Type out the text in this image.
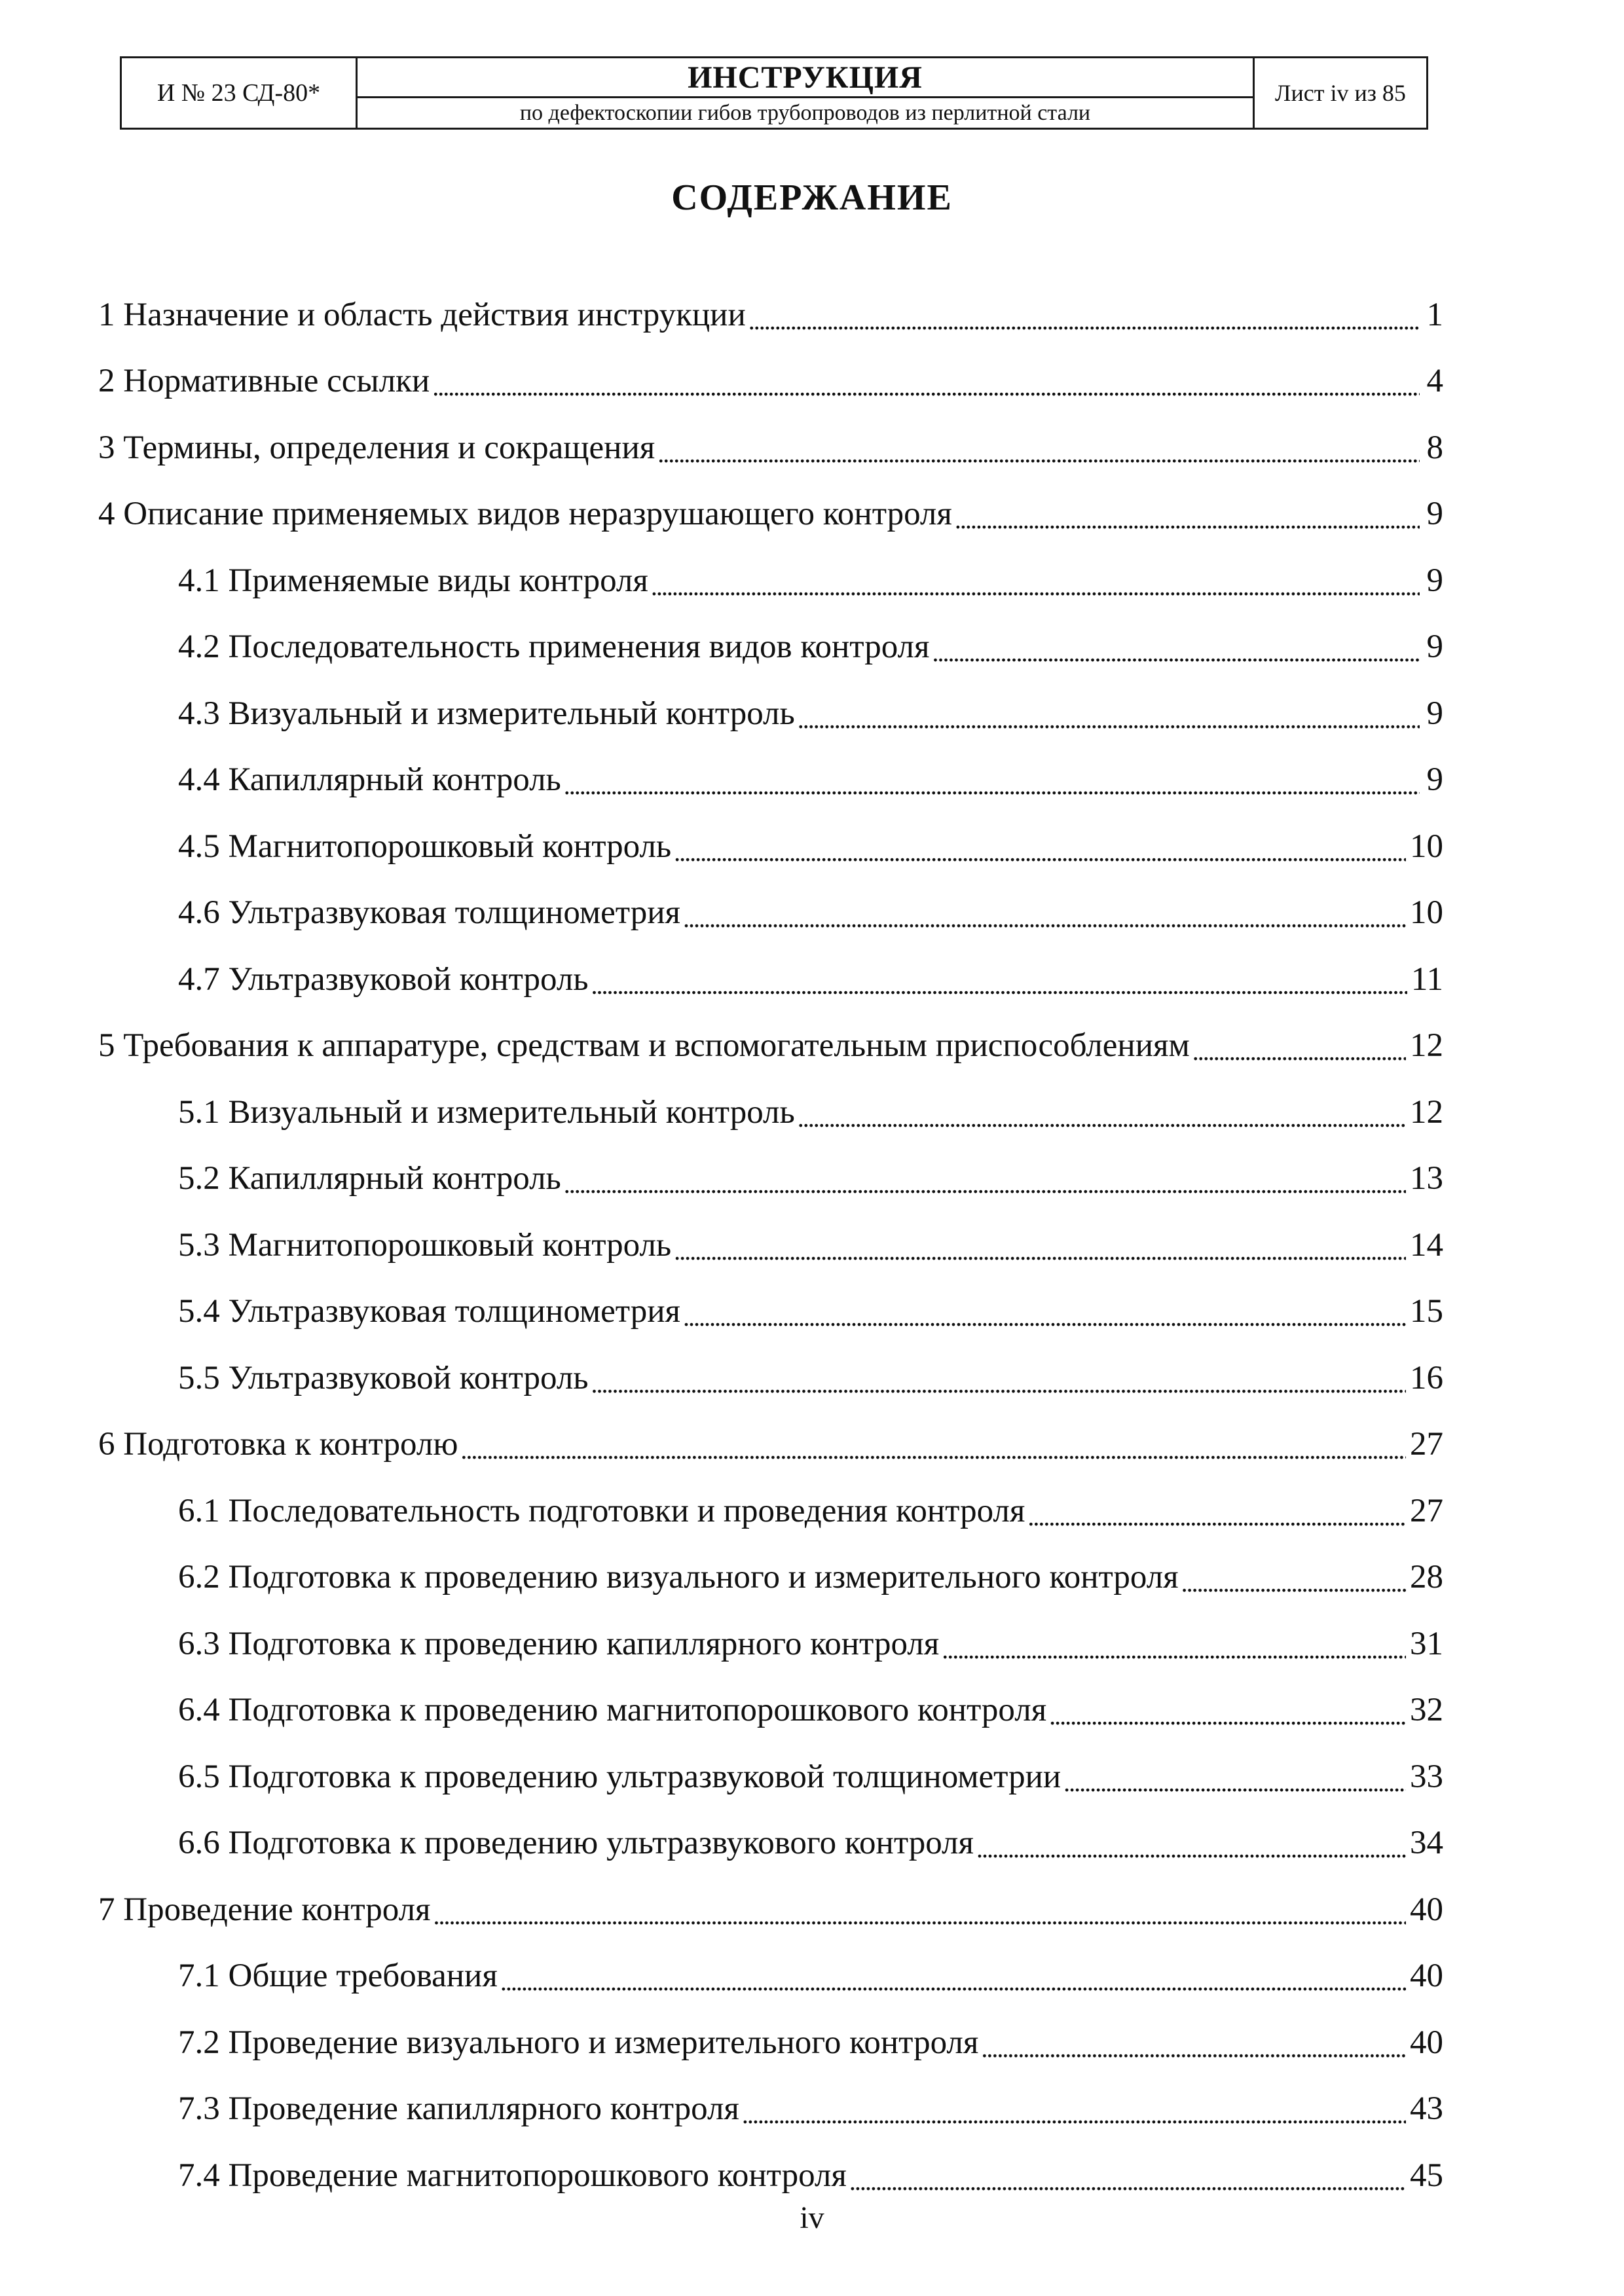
И № 23 СД-80*	ИНСТРУКЦИЯ
по дефектоскопии гибов трубопроводов из перлитной стали
Лист iv из 85
СОДЕРЖАНИЕ
1 Назначение и область действия инструкции . . .	1
2 Нормативные ссылки . . .	4
3 Термины, определения и сокращения . . .	8
4 Описание применяемых видов неразрушающего контроля . . .	9
4.1 Применяемые виды контроля . . .	9
4.2 Последовательность применения видов контроля . . .	9
4.3 Визуальный и измерительный контроль . . .	9
4.4 Капиллярный контроль . . .	9
4.5 Магнитопорошковый контроль . . .	10
4.6 Ультразвуковая толщинометрия . . .	10
4.7 Ультразвуковой контроль . . .	11
5 Требования к аппаратуре, средствам и вспомогательным приспособлениям . . .	12
5.1 Визуальный и измерительный контроль . . .	12
5.2 Капиллярный контроль . . .	13
5.3 Магнитопорошковый контроль . . .	14
5.4 Ультразвуковая толщинометрия . . .	15
5.5 Ультразвуковой контроль . . .	16
6 Подготовка к контролю . . .	27
6.1 Последовательность подготовки и проведения контроля . . .	27
6.2 Подготовка к проведению визуального и измерительного контроля . . .	28
6.3 Подготовка к проведению капиллярного контроля . . .	31
6.4 Подготовка к проведению магнитопорошкового контроля . . .	32
6.5 Подготовка к проведению ультразвуковой толщинометрии . . .	33
6.6 Подготовка к проведению ультразвукового контроля . . .	34
7 Проведение контроля . . .	40
7.1 Общие требования . . .	40
7.2 Проведение визуального и измерительного контроля . . .	40
7.3 Проведение капиллярного контроля . . .	43
7.4 Проведение магнитопорошкового контроля . . .	45
iv
